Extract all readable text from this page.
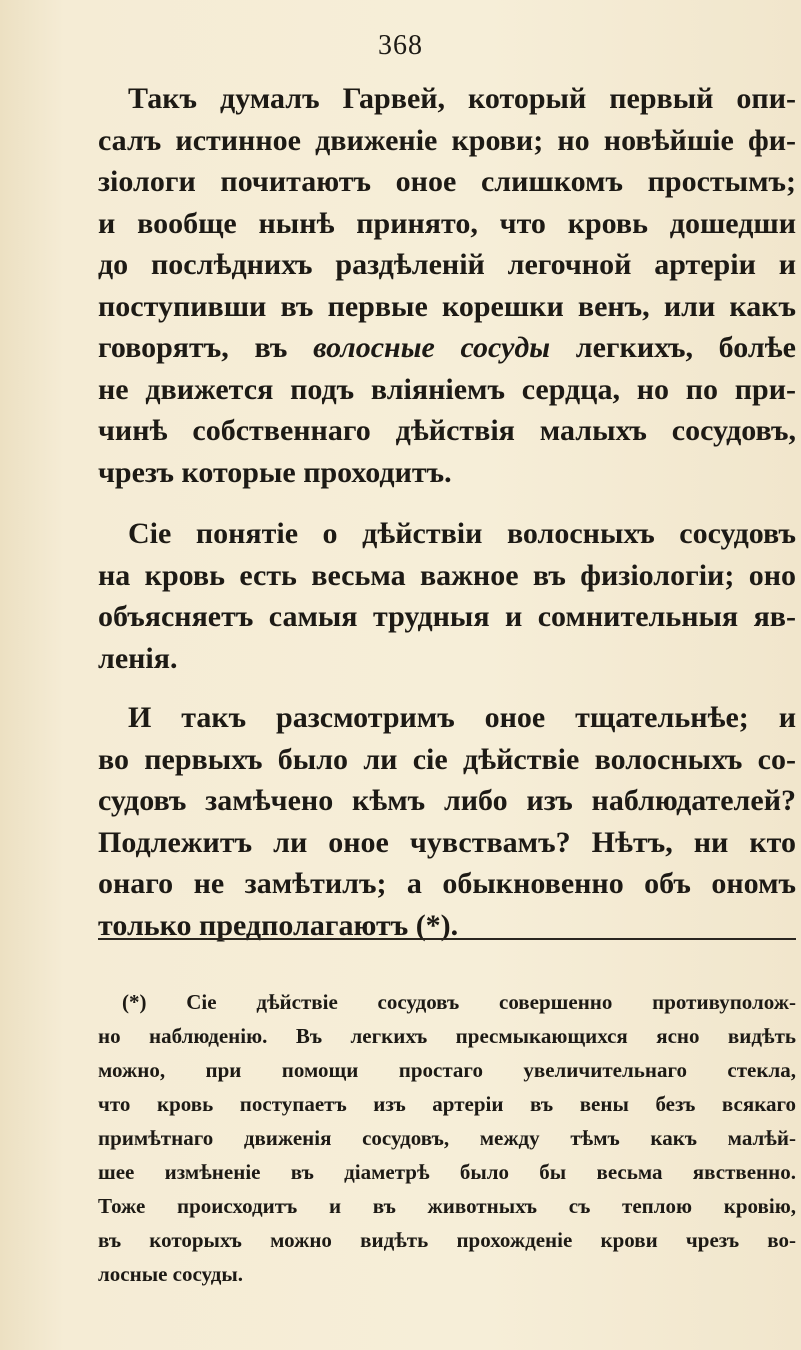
368

Такъ думалъ Гарвей, который первый опи-
салъ истинное движеніе крови; но новѣйшіе фи-
зіологи почитаютъ оное слишкомъ простымъ;
и вообще нынѣ принято, что кровь дошедши
до послѣднихъ раздѣленій легочной артеріи и
поступивши въ первые корешки венъ, или какъ
говорятъ, въ волосные сосуды легкихъ, болѣе
не движется подъ вліяніемъ сердца, но по при-
чинѣ собственнаго дѣйствія малыхъ сосудовъ,
чрезъ которые проходитъ.

Сіе понятіе о дѣйствіи волосныхъ сосудовъ
на кровь есть весьма важное въ физіологіи; оно
объясняетъ самыя трудныя и сомнительныя яв-
ленія.

И такъ разсмотримъ оное тщательнѣе; и
во первыхъ было ли сіе дѣйствіе волосныхъ со-
судовъ замѣчено кѣмъ либо изъ наблюдателей?
Подлежитъ ли оное чувствамъ? Нѣтъ, ни кто
онаго не замѣтилъ; а обыкновенно объ ономъ
только предполагаютъ (*).

(*) Сіе дѣйствіе сосудовъ совершенно противуполож-
но наблюденію. Въ легкихъ пресмыкающихся ясно видѣть
можно, при помощи простаго увеличительнаго стекла,
что кровь поступаетъ изъ артеріи въ вены безъ всякаго
примѣтнаго движенія сосудовъ, между тѣмъ какъ малѣй-
шее измѣненіе въ діаметрѣ было бы весьма явственно.
Тоже происходитъ и въ животныхъ съ теплою кровію,
въ которыхъ можно видѣть прохожденіе крови чрезъ во-
лосные сосуды.
